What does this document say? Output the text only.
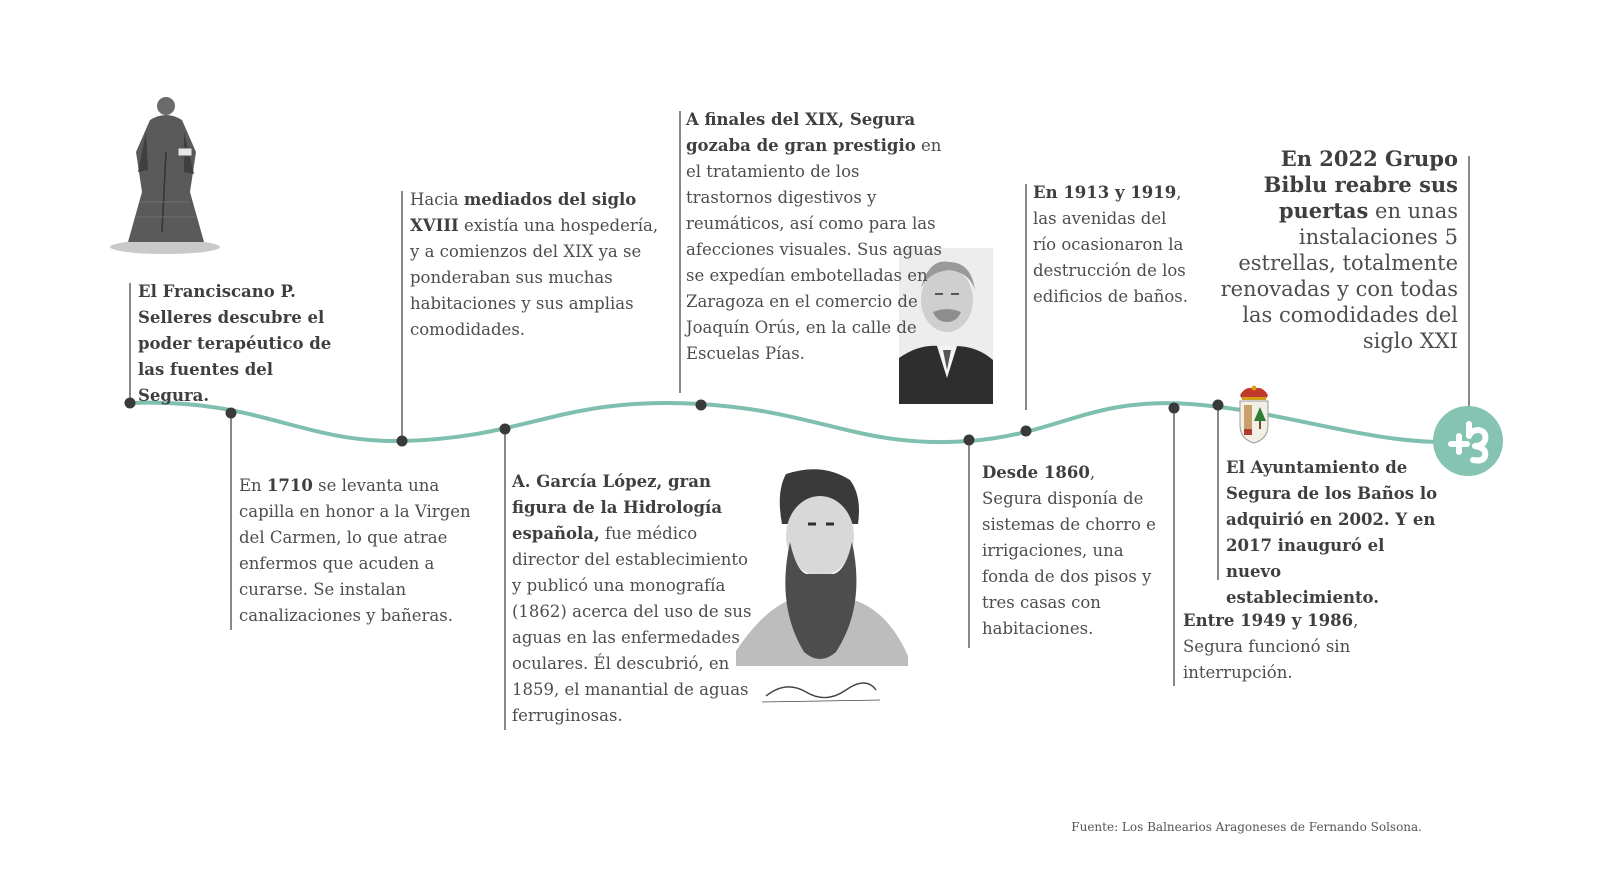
El Franciscano P. Selleres descubre el poder terapéutico de las fuentes del Segura.
En 1710 se levanta una capilla en honor a la Virgen del Carmen, lo que atrae enfermos que acuden a curarse. Se instalan canalizaciones y bañeras.
Hacia mediados del siglo XVIII existía una hospedería, y a comienzos del XIX ya se ponderaban sus muchas habitaciones y sus amplias comodidades.
A. García López, gran figura de la Hidrología española, fue médico director del establecimiento y publicó una monografía (1862) acerca del uso de sus aguas en las enfermedades oculares. Él descubrió, en 1859, el manantial de aguas ferruginosas.
A finales del XIX, Segura gozaba de gran prestigio en el tratamiento de los trastornos digestivos y reumáticos, así como para las afecciones visuales. Sus aguas se expedían embotelladas en Zaragoza en el comercio de Joaquín Orús, en la calle de Escuelas Pías.
Desde 1860, Segura disponía de sistemas de chorro e irrigaciones, una fonda de dos pisos y tres casas con habitaciones.
En 1913 y 1919, las avenidas del río ocasionaron la destrucción de los edificios de baños.
Entre 1949 y 1986, Segura funcionó sin interrupción.
El Ayuntamiento de Segura de los Baños lo adquirió en 2002. Y en 2017 inauguró el nuevo establecimiento.
En 2022 Grupo Biblu reabre sus puertas en unas instalaciones 5 estrellas, totalmente renovadas y con todas las comodidades del siglo XXI
Fuente: Los Balnearios Aragoneses de Fernando Solsona.
